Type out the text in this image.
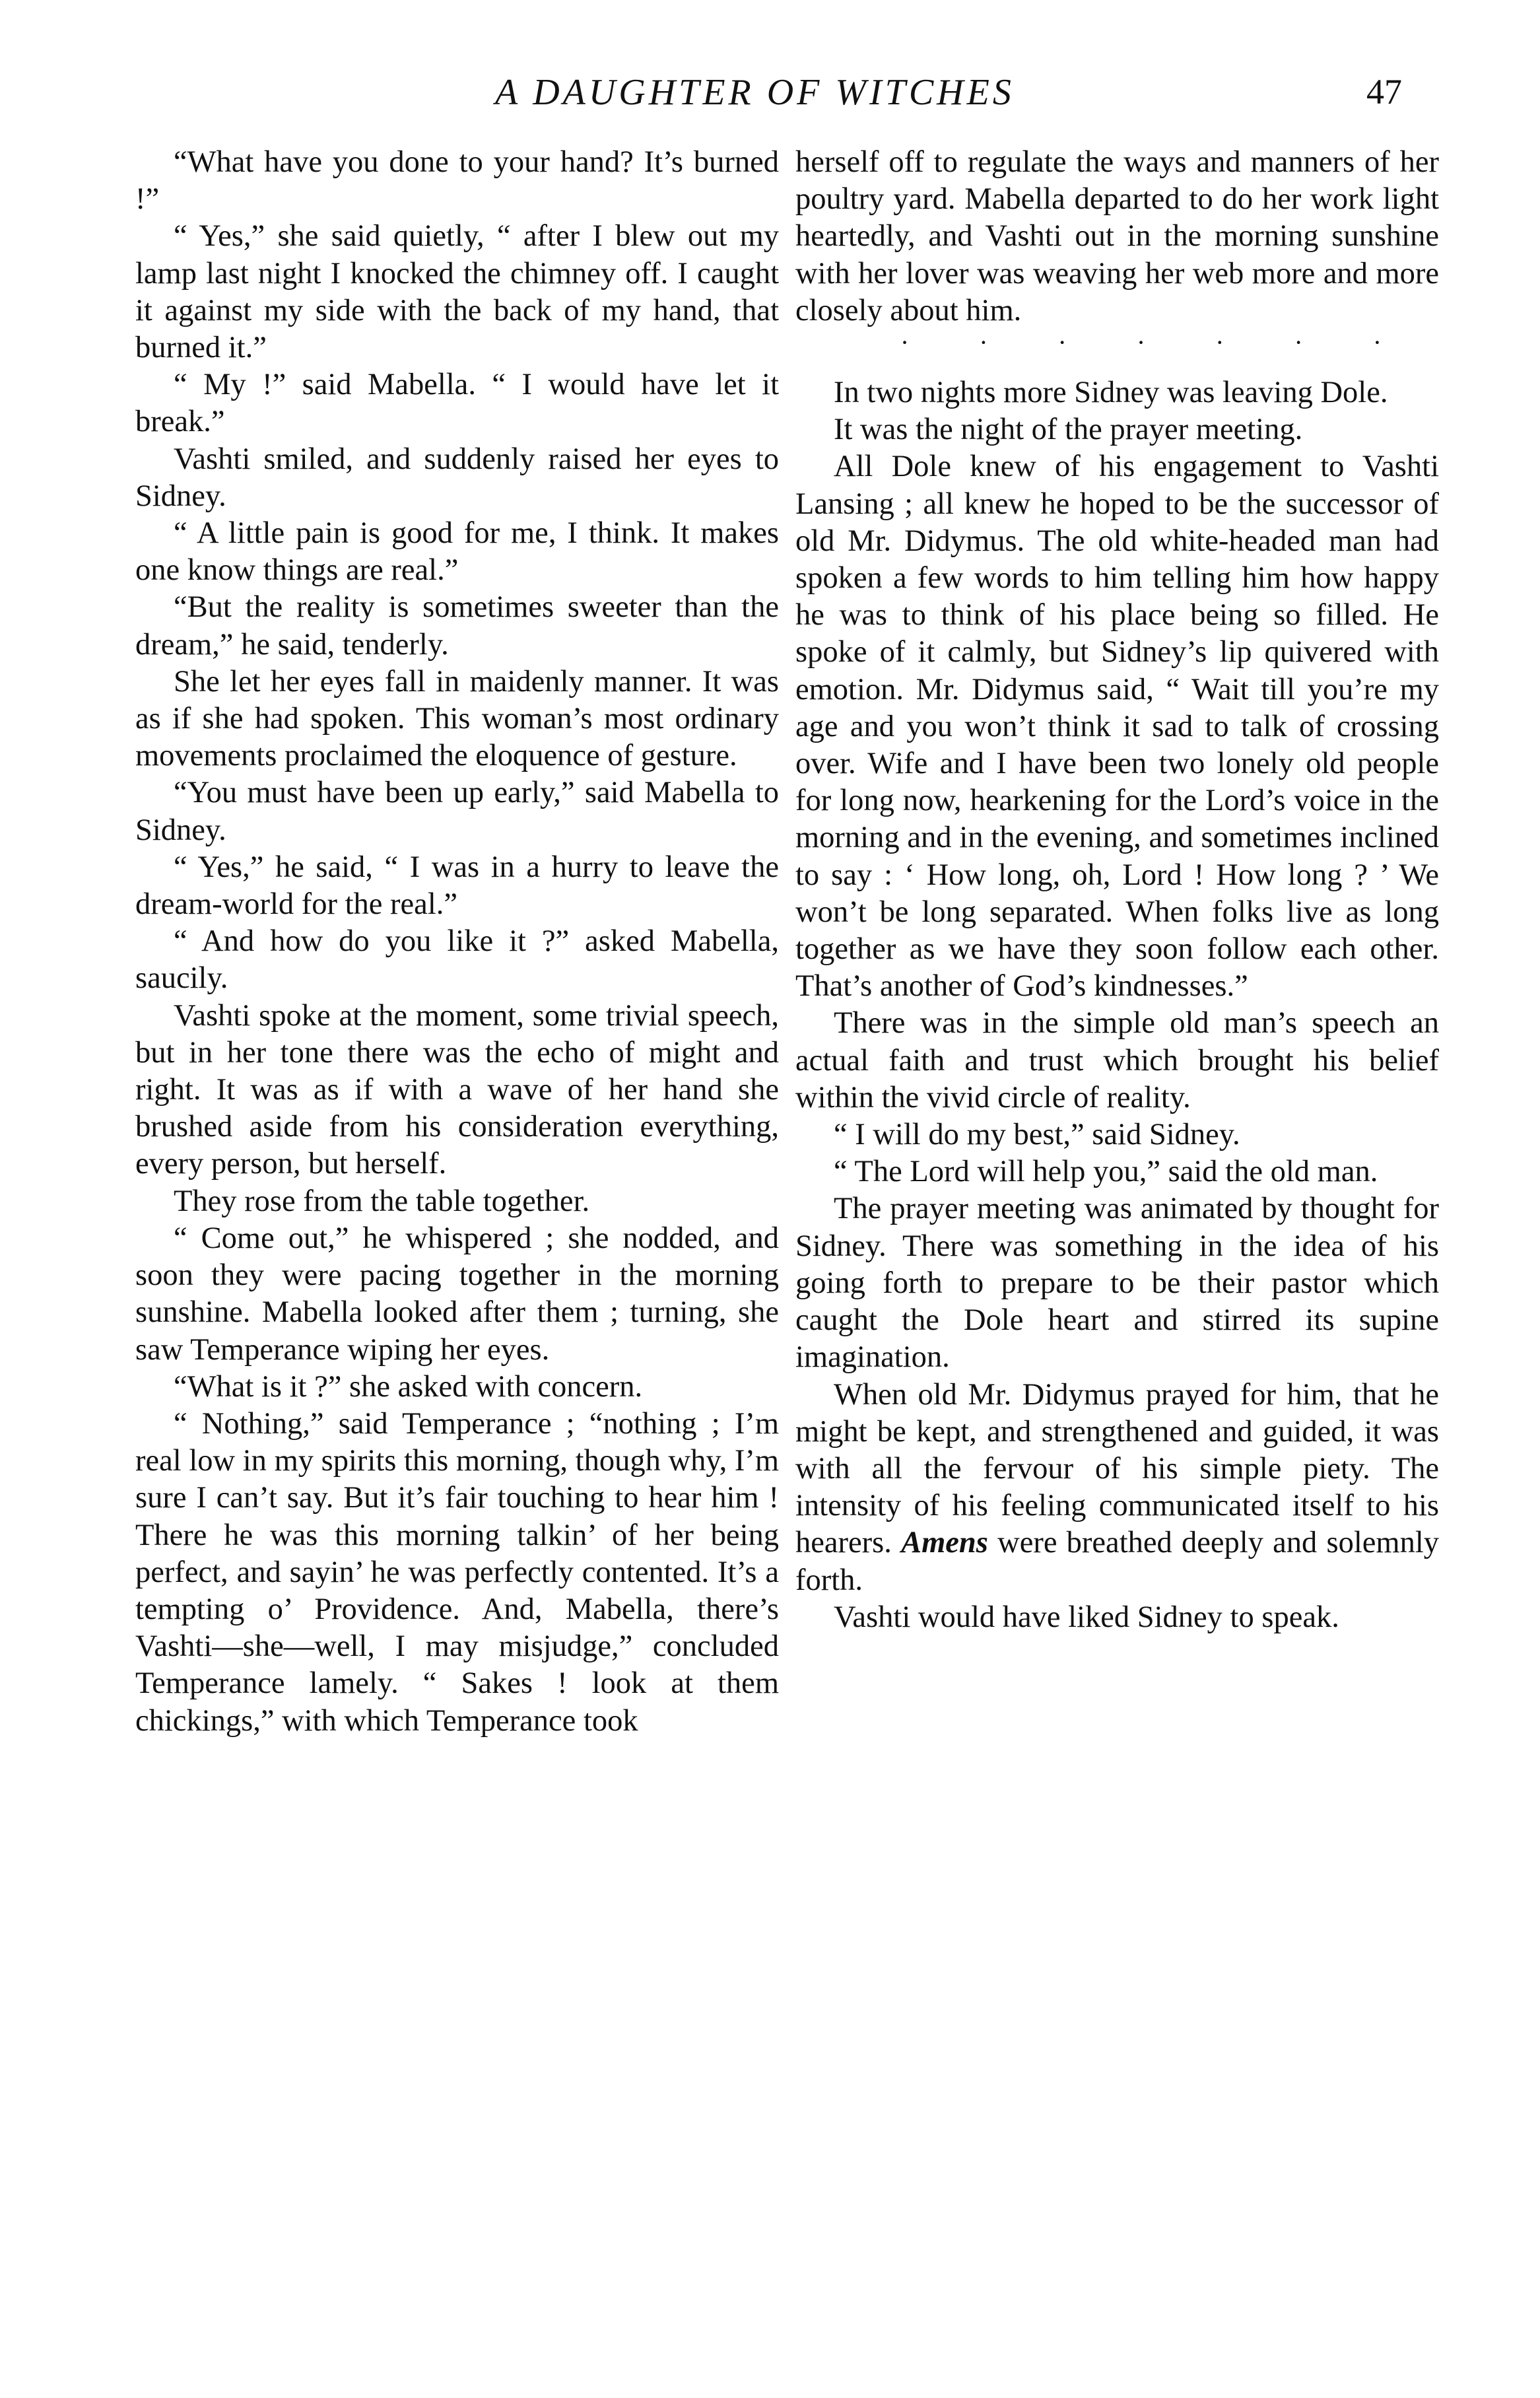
A DAUGHTER OF WITCHES	47

“What have you done to your hand? It’s burned !”

“ Yes,” she said quietly, “ after I blew out my lamp last night I knocked the chimney off. I caught it against my side with the back of my hand, that burned it.”

“ My !” said Mabella. “ I would have let it break.”

Vashti smiled, and suddenly raised her eyes to Sidney.

“ A little pain is good for me, I think. It makes one know things are real.”

“But the reality is sometimes sweeter than the dream,” he said, tenderly.

She let her eyes fall in maidenly manner. It was as if she had spoken. This woman’s most ordinary movements proclaimed the eloquence of gesture.

“You must have been up early,” said Mabella to Sidney.

“ Yes,” he said, “ I was in a hurry to leave the dream-world for the real.”

“ And how do you like it ?” asked Mabella, saucily.

Vashti spoke at the moment, some trivial speech, but in her tone there was the echo of might and right. It was as if with a wave of her hand she brushed aside from his consideration everything, every person, but herself.

They rose from the table together.

“ Come out,” he whispered ; she nodded, and soon they were pacing together in the morning sunshine. Mabella looked after them ; turning, she saw Temperance wiping her eyes.

“What is it ?” she asked with concern.

“ Nothing,” said Temperance ; “nothing ; I’m real low in my spirits this morning, though why, I’m sure I can’t say. But it’s fair touching to hear him ! There he was this morning talkin’ of her being perfect, and sayin’ he was perfectly contented. It’s a tempting o’ Providence. And, Mabella, there’s Vashti—she—well, I may misjudge,” concluded Temperance lamely. “ Sakes ! look at them chickings,” with which Temperance took

herself off to regulate the ways and manners of her poultry yard. Mabella departed to do her work light heartedly, and Vashti out in the morning sunshine with her lover was weaving her web more and more closely about him.

· · · · · · ·

In two nights more Sidney was leaving Dole.

It was the night of the prayer meeting.

All Dole knew of his engagement to Vashti Lansing ; all knew he hoped to be the successor of old Mr. Didymus. The old white-headed man had spoken a few words to him telling him how happy he was to think of his place being so filled. He spoke of it calmly, but Sidney’s lip quivered with emotion. Mr. Didymus said, “ Wait till you’re my age and you won’t think it sad to talk of crossing over. Wife and I have been two lonely old people for long now, hearkening for the Lord’s voice in the morning and in the evening, and sometimes inclined to say : ‘ How long, oh, Lord ! How long ? ’ We won’t be long separated. When folks live as long together as we have they soon follow each other. That’s another of God’s kindnesses.”

There was in the simple old man’s speech an actual faith and trust which brought his belief within the vivid circle of reality.

“ I will do my best,” said Sidney.

“ The Lord will help you,” said the old man.

The prayer meeting was animated by thought for Sidney. There was something in the idea of his going forth to prepare to be their pastor which caught the Dole heart and stirred its supine imagination.

When old Mr. Didymus prayed for him, that he might be kept, and strengthened and guided, it was with all the fervour of his simple piety. The intensity of his feeling communicated itself to his hearers. Amens were breathed deeply and solemnly forth.

Vashti would have liked Sidney to speak.
